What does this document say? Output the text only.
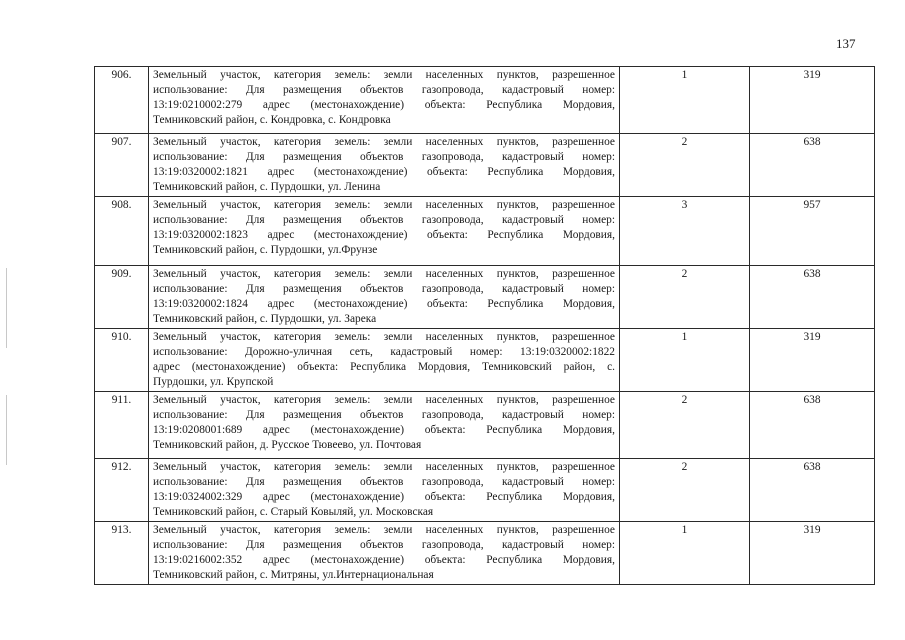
137
906.	Земельный участок, категория земель: земли населенных пунктов, разрешенное
использование: Для размещения объектов газопровода, кадастровый номер:
13:19:0210002:279 адрес (местонахождение) объекта: Республика Мордовия,
Темниковский район, с. Кондровка, с. Кондровка	1	319
907.	Земельный участок, категория земель: земли населенных пунктов, разрешенное
использование: Для размещения объектов газопровода, кадастровый номер:
13:19:0320002:1821 адрес (местонахождение) объекта: Республика Мордовия,
Темниковский район, с. Пурдошки, ул. Ленина	2	638
908.	Земельный участок, категория земель: земли населенных пунктов, разрешенное
использование: Для размещения объектов газопровода, кадастровый номер:
13:19:0320002:1823 адрес (местонахождение) объекта: Республика Мордовия,
Темниковский район, с. Пурдошки, ул.Фрунзе	3	957
909.	Земельный участок, категория земель: земли населенных пунктов, разрешенное
использование: Для размещения объектов газопровода, кадастровый номер:
13:19:0320002:1824 адрес (местонахождение) объекта: Республика Мордовия,
Темниковский район, с. Пурдошки, ул. Зарека	2	638
910.	Земельный участок, категория земель: земли населенных пунктов, разрешенное
использование: Дорожно-уличная сеть, кадастровый номер: 13:19:0320002:1822
адрес (местонахождение) объекта: Республика Мордовия, Темниковский район, с.
Пурдошки, ул. Крупской	1	319
911.	Земельный участок, категория земель: земли населенных пунктов, разрешенное
использование: Для размещения объектов газопровода, кадастровый номер:
13:19:0208001:689 адрес (местонахождение) объекта: Республика Мордовия,
Темниковский район, д. Русское Тювеево, ул. Почтовая	2	638
912.	Земельный участок, категория земель: земли населенных пунктов, разрешенное
использование: Для размещения объектов газопровода, кадастровый номер:
13:19:0324002:329 адрес (местонахождение) объекта: Республика Мордовия,
Темниковский район, с. Старый Ковыляй, ул. Московская	2	638
913.	Земельный участок, категория земель: земли населенных пунктов, разрешенное
использование: Для размещения объектов газопровода, кадастровый номер:
13:19:0216002:352 адрес (местонахождение) объекта: Республика Мордовия,
Темниковский район, с. Митряны, ул.Интернациональная	1	319
